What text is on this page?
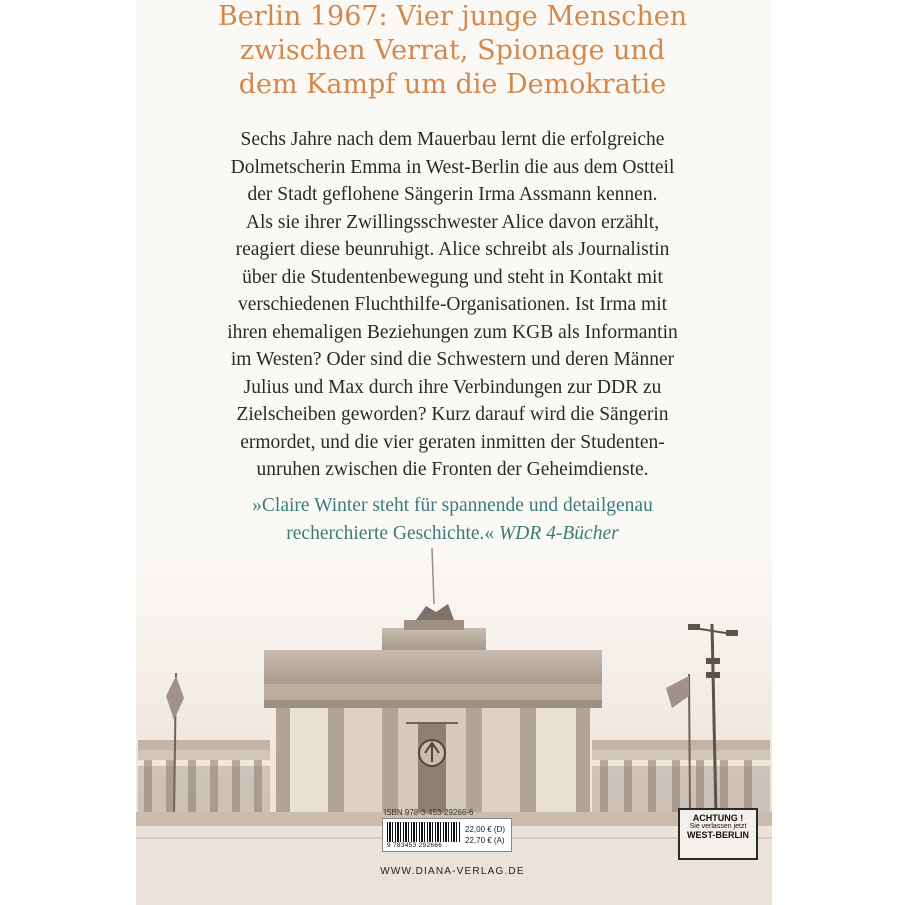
Berlin 1967: Vier junge Menschen
zwischen Verrat, Spionage und
dem Kampf um die Demokratie
Sechs Jahre nach dem Mauerbau lernt die erfolgreiche
Dolmetscherin Emma in West-Berlin die aus dem Ostteil
der Stadt geflohene Sängerin Irma Assmann kennen.
Als sie ihrer Zwillingsschwester Alice davon erzählt,
reagiert diese beunruhigt. Alice schreibt als Journalistin
über die Studentenbewegung und steht in Kontakt mit
verschiedenen Fluchthilfe-Organisationen. Ist Irma mit
ihren ehemaligen Beziehungen zum KGB als Informantin
im Westen? Oder sind die Schwestern und deren Männer
Julius und Max durch ihre Verbindungen zur DDR zu
Zielscheiben geworden? Kurz darauf wird die Sängerin
ermordet, und die vier geraten inmitten der Studenten-
unruhen zwischen die Fronten der Geheimdienste.
»Claire Winter steht für spannende und detailgenau
recherchierte Geschichte.« WDR 4-Bücher
ISBN 978-3-453-29266-6
9 783453 292666
22,00 € (D)
22,70 € (A)
ACHTUNG !
Sie verlassen jetzt
WEST-BERLIN
WWW.DIANA-VERLAG.DE
